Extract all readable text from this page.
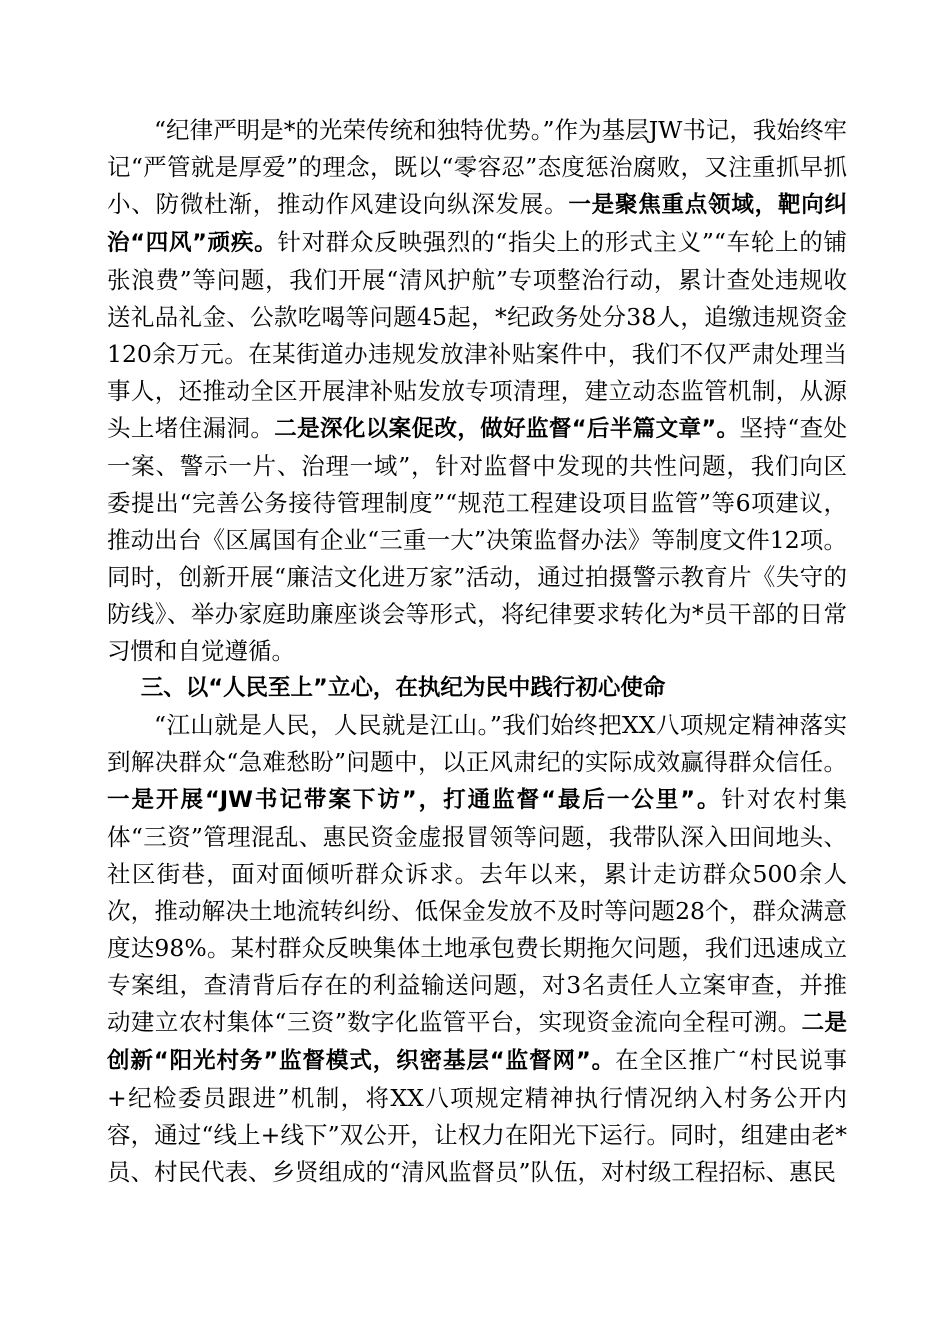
“纪律严明是*的光荣传统和独特优势。”作为基层JW书记，我始终牢记“严管就是厚爱”的理念，既以“零容忍”态度惩治腐败，又注重抓早抓小、防微杜渐，推动作风建设向纵深发展。一是聚焦重点领域，靶向纠治“四风”顽疾。针对群众反映强烈的“指尖上的形式主义”“车轮上的铺张浪费”等问题，我们开展“清风护航”专项整治行动，累计查处违规收送礼品礼金、公款吃喝等问题45起，*纪政务处分38人，追缴违规资金120余万元。在某街道办违规发放津补贴案件中，我们不仅严肃处理当事人，还推动全区开展津补贴发放专项清理，建立动态监管机制，从源头上堵住漏洞。二是深化以案促改，做好监督“后半篇文章”。坚持“查处一案、警示一片、治理一域”，针对监督中发现的共性问题，我们向区委提出“完善公务接待管理制度”“规范工程建设项目监管”等6项建议，推动出台《区属国有企业“三重一大”决策监督办法》等制度文件12项。同时，创新开展“廉洁文化进万家”活动，通过拍摄警示教育片《失守的防线》、举办家庭助廉座谈会等形式，将纪律要求转化为*员干部的日常习惯和自觉遵循。

三、以“人民至上”立心，在执纪为民中践行初心使命

“江山就是人民，人民就是江山。”我们始终把XX八项规定精神落实到解决群众“急难愁盼”问题中，以正风肃纪的实际成效赢得群众信任。一是开展“JW书记带案下访”，打通监督“最后一公里”。针对农村集体“三资”管理混乱、惠民资金虚报冒领等问题，我带队深入田间地头、社区街巷，面对面倾听群众诉求。去年以来，累计走访群众500余人次，推动解决土地流转纠纷、低保金发放不及时等问题28个，群众满意度达98%。某村群众反映集体土地承包费长期拖欠问题，我们迅速成立专案组，查清背后存在的利益输送问题，对3名责任人立案审查，并推动建立农村集体“三资”数字化监管平台，实现资金流向全程可溯。二是创新“阳光村务”监督模式，织密基层“监督网”。在全区推广“村民说事+纪检委员跟进”机制，将XX八项规定精神执行情况纳入村务公开内容，通过“线上+线下”双公开，让权力在阳光下运行。同时，组建由老*员、村民代表、乡贤组成的“清风监督员”队伍，对村级工程招标、惠民
